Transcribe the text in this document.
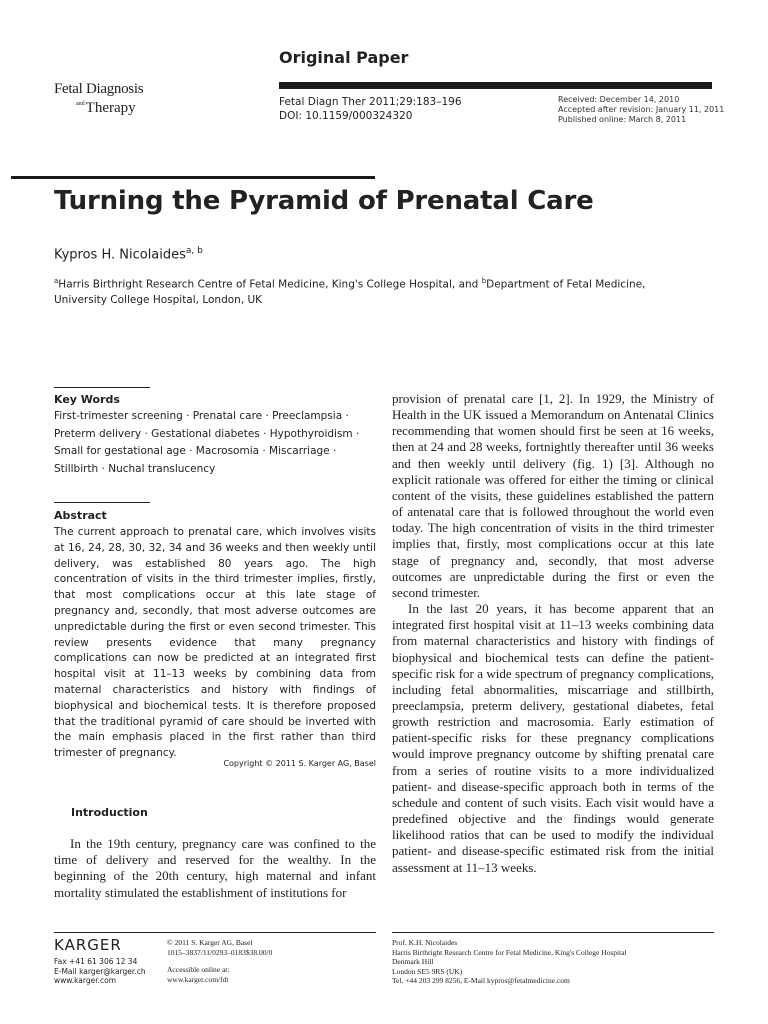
Fetal Diagnosis
$^{and}$Therapy
Original Paper
Fetal Diagn Ther 2011;29:183–196
DOI: 10.1159/000324320
Received: December 14, 2010
Accepted after revision: January 11, 2011
Published online: March 8, 2011
Turning the Pyramid of Prenatal Care
Kypros H. Nicolaides$^{a, b}$
$^a$Harris Birthright Research Centre of Fetal Medicine, King's College Hospital, and $^b$Department of Fetal Medicine,
University College Hospital, London, UK
Key Words
First-trimester screening · Prenatal care · Preeclampsia · Preterm delivery · Gestational diabetes · Hypothyroidism · Small for gestational age · Macrosomia · Miscarriage · Stillbirth · Nuchal translucency
Abstract
The current approach to prenatal care, which involves visits at 16, 24, 28, 30, 32, 34 and 36 weeks and then weekly until delivery, was established 80 years ago. The high concentration of visits in the third trimester implies, firstly, that most complications occur at this late stage of pregnancy and, secondly, that most adverse outcomes are unpredictable during the first or even second trimester. This review presents evidence that many pregnancy complications can now be predicted at an integrated first hospital visit at 11–13 weeks by combining data from maternal characteristics and history with findings of biophysical and biochemical tests. It is therefore proposed that the traditional pyramid of care should be inverted with the main emphasis placed in the first rather than third trimester of pregnancy.
Copyright © 2011 S. Karger AG, Basel
Introduction

In the 19th century, pregnancy care was confined to the time of delivery and reserved for the wealthy. In the beginning of the 20th century, high maternal and infant mortality stimulated the establishment of institutions for

provision of prenatal care [1, 2]. In 1929, the Ministry of Health in the UK issued a Memorandum on Antenatal Clinics recommending that women should first be seen at 16 weeks, then at 24 and 28 weeks, fortnightly thereafter until 36 weeks and then weekly until delivery (fig. 1) [3]. Although no explicit rationale was offered for either the timing or clinical content of the visits, these guidelines established the pattern of antenatal care that is followed throughout the world even today. The high concentration of visits in the third trimester implies that, firstly, most complications occur at this late stage of pregnancy and, secondly, that most adverse outcomes are unpredictable during the first or even the second trimester.

In the last 20 years, it has become apparent that an integrated first hospital visit at 11–13 weeks combining data from maternal characteristics and history with findings of biophysical and biochemical tests can define the patient-specific risk for a wide spectrum of pregnancy complications, including fetal abnormalities, miscarriage and stillbirth, preeclampsia, preterm delivery, gestational diabetes, fetal growth restriction and macrosomia. Early estimation of patient-specific risks for these pregnancy complications would improve pregnancy outcome by shifting prenatal care from a series of routine visits to a more individualized patient- and disease-specific approach both in terms of the schedule and content of such visits. Each visit would have a predefined objective and the findings would generate likelihood ratios that can be used to modify the individual patient- and disease-specific estimated risk from the initial assessment at 11–13 weeks.

KARGER
Fax +41 61 306 12 34
E-Mail karger@karger.ch
www.karger.com
© 2011 S. Karger AG, Basel
1015–3837/11/0293–0183$38.00/0
Accessible online at:
www.karger.com/fdt
Prof. K.H. Nicolaides
Harris Birthright Research Centre for Fetal Medicine, King's College Hospital
Denmark Hill
London SE5 9RS (UK)
Tel. +44 203 299 8256, E-Mail kypros@fetalmedicine.com
